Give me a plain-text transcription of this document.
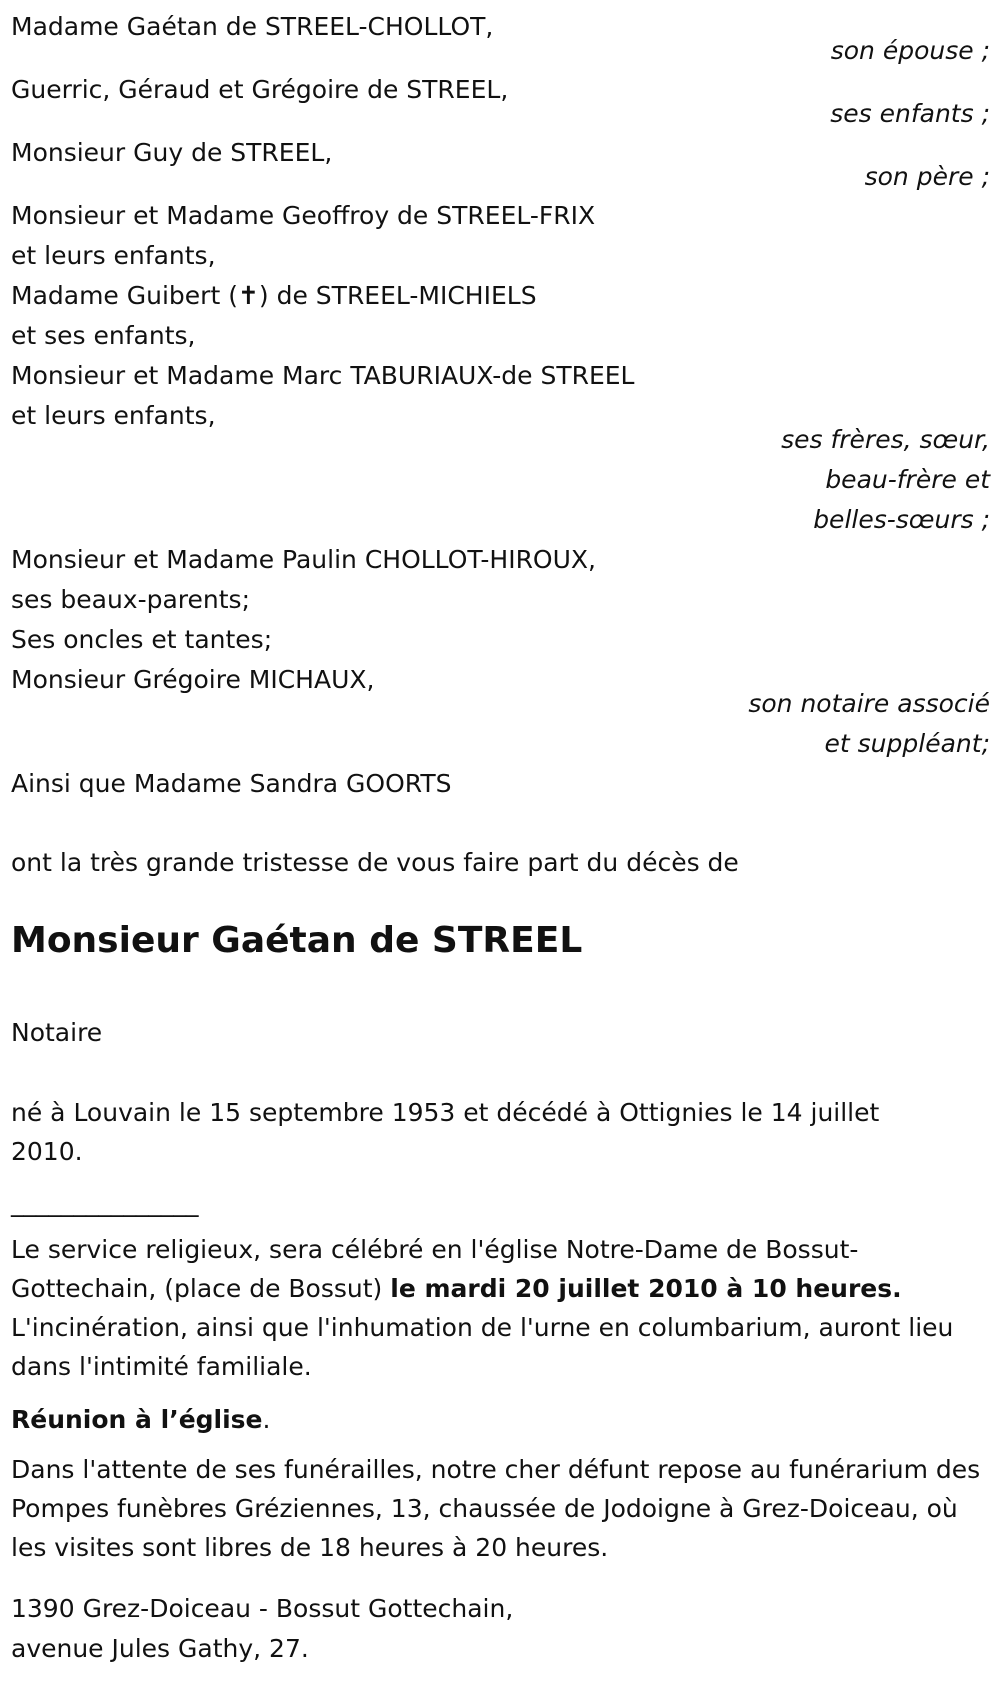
Madame Gaétan de STREEL-CHOLLOT,
son épouse ;
Guerric, Géraud et Grégoire de STREEL,
ses enfants ;
Monsieur Guy de STREEL,
son père ;
Monsieur et Madame Geoffroy de STREEL-FRIX
et leurs enfants,
Madame Guibert (✝) de STREEL-MICHIELS
et ses enfants,
Monsieur et Madame Marc TABURIAUX-de STREEL
et leurs enfants,
ses frères, sœur,
beau-frère et
belles-sœurs ;
Monsieur et Madame Paulin CHOLLOT-HIROUX,
ses beaux-parents;
Ses oncles et tantes;
Monsieur Grégoire MICHAUX,
son notaire associé
et suppléant;
Ainsi que Madame Sandra GOORTS
ont la très grande tristesse de vous faire part du décès de
Monsieur Gaétan de STREEL
Notaire
né à Louvain le 15 septembre 1953 et décédé à Ottignies le 14 juillet 2010.
_______________
Le service religieux, sera célébré en l'église Notre-Dame de Bossut-Gottechain, (place de Bossut) le mardi 20 juillet 2010 à 10 heures. L'incinération, ainsi que l'inhumation de l'urne en columbarium, auront lieu dans l'intimité familiale.
Réunion à l’église.
Dans l'attente de ses funérailles, notre cher défunt repose au funérarium des Pompes funèbres Gréziennes, 13, chaussée de Jodoigne à Grez-Doiceau, où les visites sont libres de 18 heures à 20 heures.
1390 Grez-Doiceau - Bossut Gottechain,
avenue Jules Gathy, 27.
